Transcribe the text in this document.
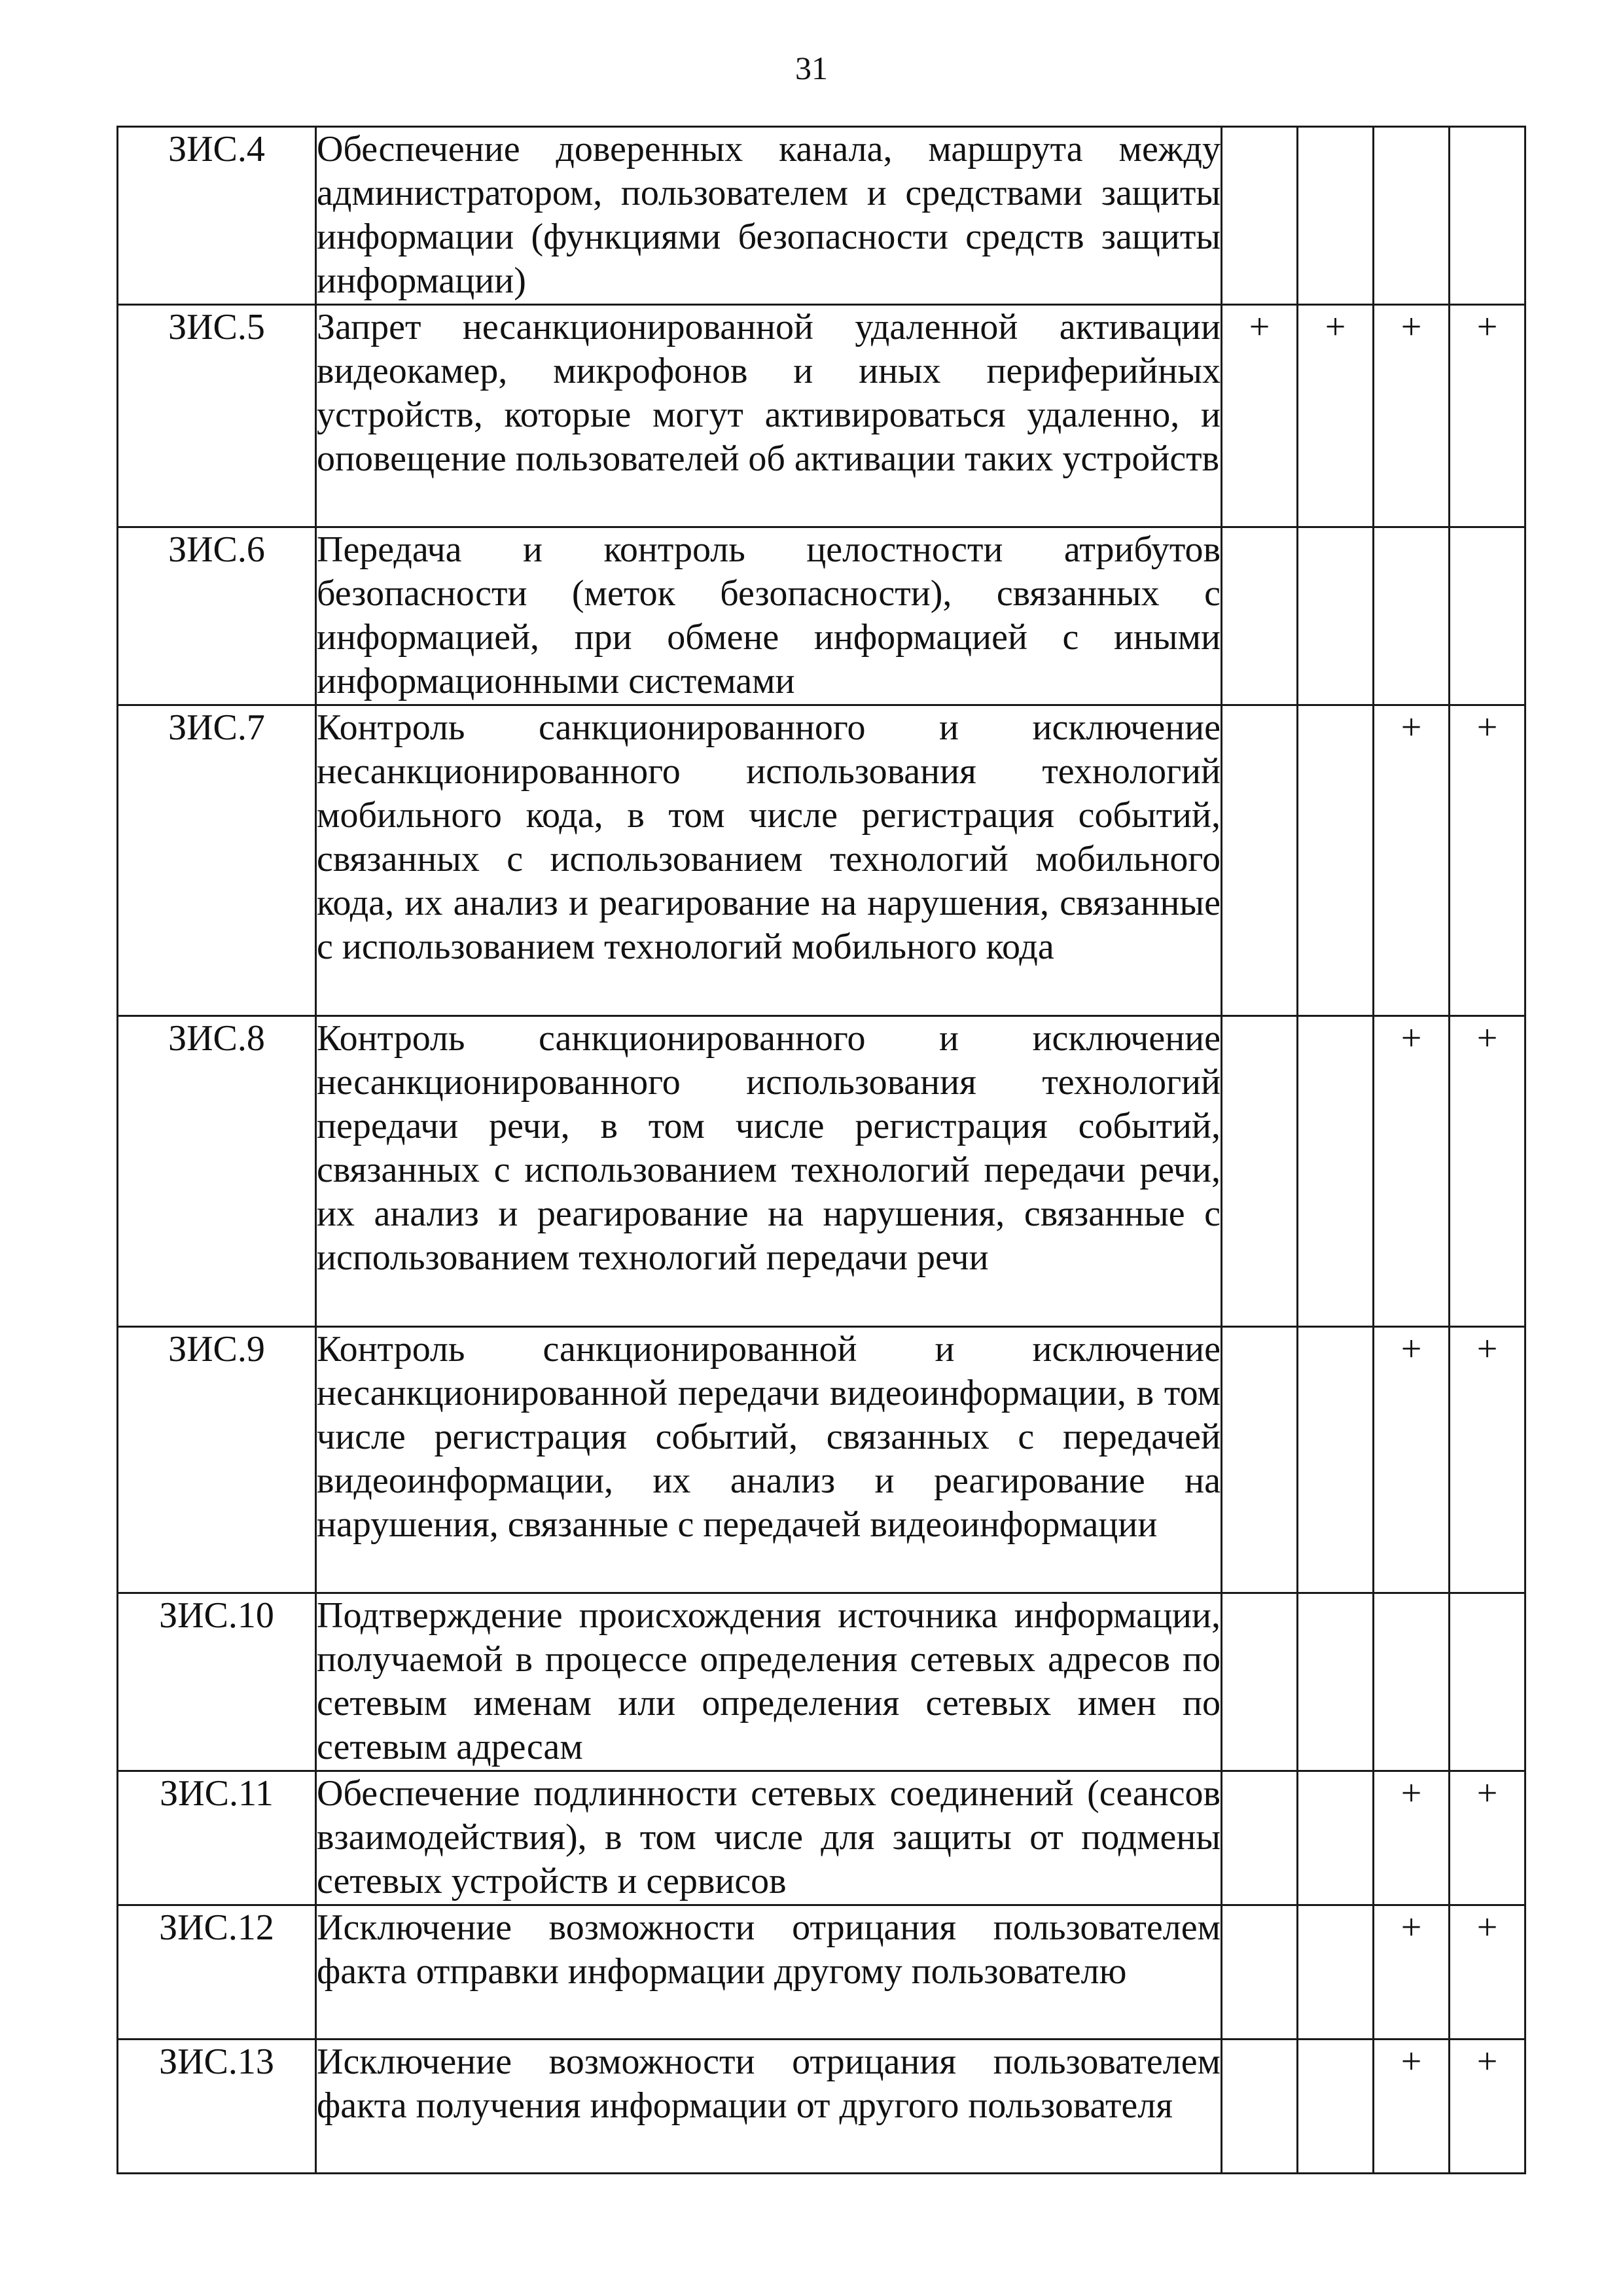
31
ЗИС.4	Обеспечение доверенных канала, маршрута между администратором, пользователем и средствами защиты информации (функциями безопасности средств защиты информации)				
ЗИС.5	Запрет несанкционированной удаленной активации видеокамер, микрофонов и иных периферийных устройств, которые могут активироваться удаленно, и оповещение пользователей об активации таких устройств	+	+	+	+
ЗИС.6	Передача и контроль целостности атрибутов безопасности (меток безопасности), связанных с информацией, при обмене информацией с иными информационными системами				
ЗИС.7	Контроль санкционированного и исключение несанкционированного использования технологий мобильного кода, в том числе регистрация событий, связанных с использованием технологий мобильного кода, их анализ и реагирование на нарушения, связанные с использованием технологий мобильного кода			+	+
ЗИС.8	Контроль санкционированного и исключение несанкционированного использования технологий передачи речи, в том числе регистрация событий, связанных с использованием технологий передачи речи, их анализ и реагирование на нарушения, связанные с использованием технологий передачи речи			+	+
ЗИС.9	Контроль санкционированной и исключение несанкционированной передачи видеоинформации, в том числе регистрация событий, связанных с передачей видеоинформации, их анализ и реагирование на нарушения, связанные с передачей видеоинформации			+	+
ЗИС.10	Подтверждение происхождения источника информации, получаемой в процессе определения сетевых адресов по сетевым именам или определения сетевых имен по сетевым адресам				
ЗИС.11	Обеспечение подлинности сетевых соединений (сеансов взаимодействия), в том числе для защиты от подмены сетевых устройств и сервисов			+	+
ЗИС.12	Исключение возможности отрицания пользователем факта отправки информации другому пользователю			+	+
ЗИС.13	Исключение возможности отрицания пользователем факта получения информации от другого пользователя			+	+
